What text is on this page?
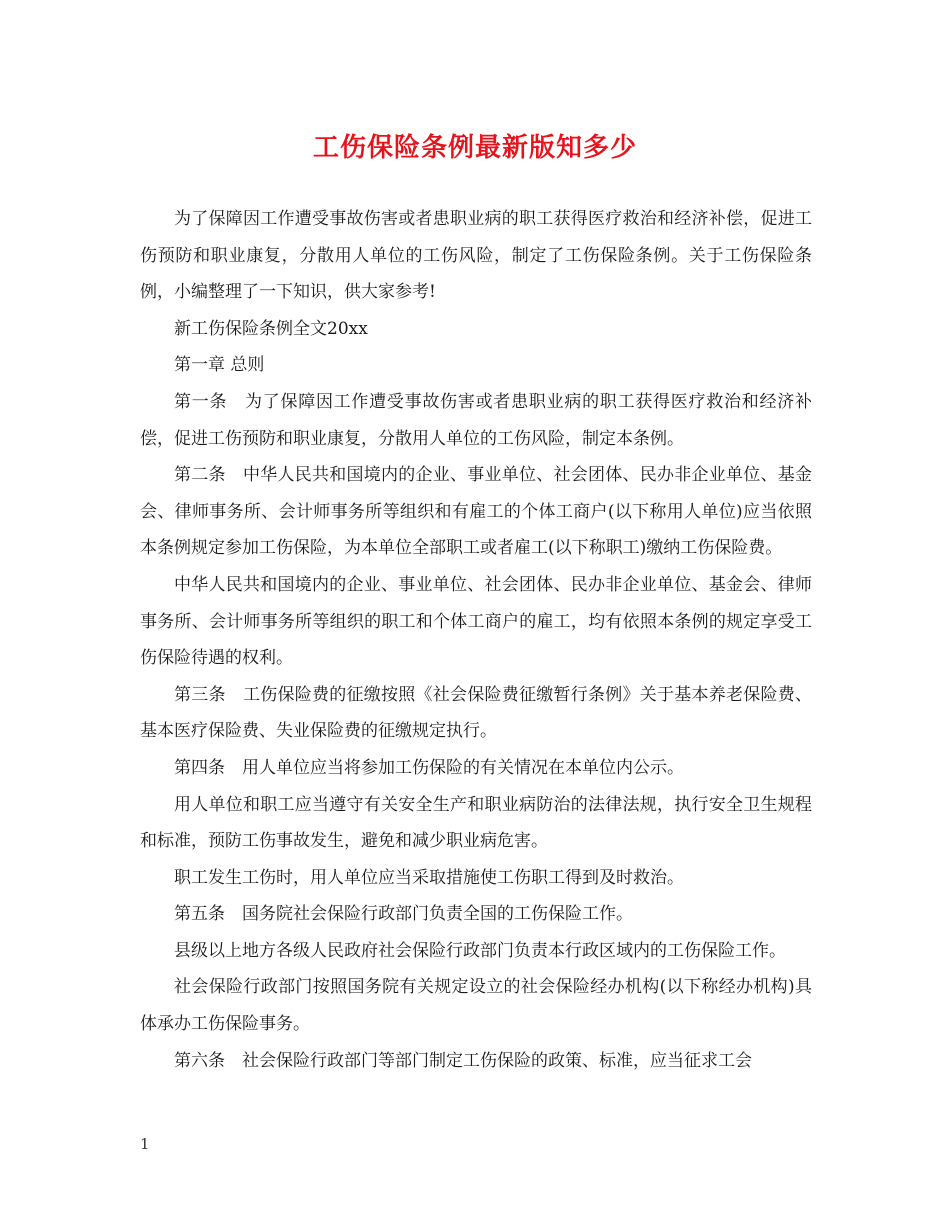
工伤保险条例最新版知多少

为了保障因工作遭受事故伤害或者患职业病的职工获得医疗救治和经济补偿，促进工伤预防和职业康复，分散用人单位的工伤风险，制定了工伤保险条例。关于工伤保险条例，小编整理了一下知识，供大家参考!

新工伤保险条例全文20xx

第一章 总则

第一条　为了保障因工作遭受事故伤害或者患职业病的职工获得医疗救治和经济补偿，促进工伤预防和职业康复，分散用人单位的工伤风险，制定本条例。

第二条　中华人民共和国境内的企业、事业单位、社会团体、民办非企业单位、基金会、律师事务所、会计师事务所等组织和有雇工的个体工商户(以下称用人单位)应当依照本条例规定参加工伤保险，为本单位全部职工或者雇工(以下称职工)缴纳工伤保险费。

中华人民共和国境内的企业、事业单位、社会团体、民办非企业单位、基金会、律师事务所、会计师事务所等组织的职工和个体工商户的雇工，均有依照本条例的规定享受工伤保险待遇的权利。

第三条　工伤保险费的征缴按照《社会保险费征缴暂行条例》关于基本养老保险费、基本医疗保险费、失业保险费的征缴规定执行。

第四条　用人单位应当将参加工伤保险的有关情况在本单位内公示。

用人单位和职工应当遵守有关安全生产和职业病防治的法律法规，执行安全卫生规程和标准，预防工伤事故发生，避免和减少职业病危害。

职工发生工伤时，用人单位应当采取措施使工伤职工得到及时救治。

第五条　国务院社会保险行政部门负责全国的工伤保险工作。

县级以上地方各级人民政府社会保险行政部门负责本行政区域内的工伤保险工作。

社会保险行政部门按照国务院有关规定设立的社会保险经办机构(以下称经办机构)具体承办工伤保险事务。

第六条　社会保险行政部门等部门制定工伤保险的政策、标准，应当征求工会

1
